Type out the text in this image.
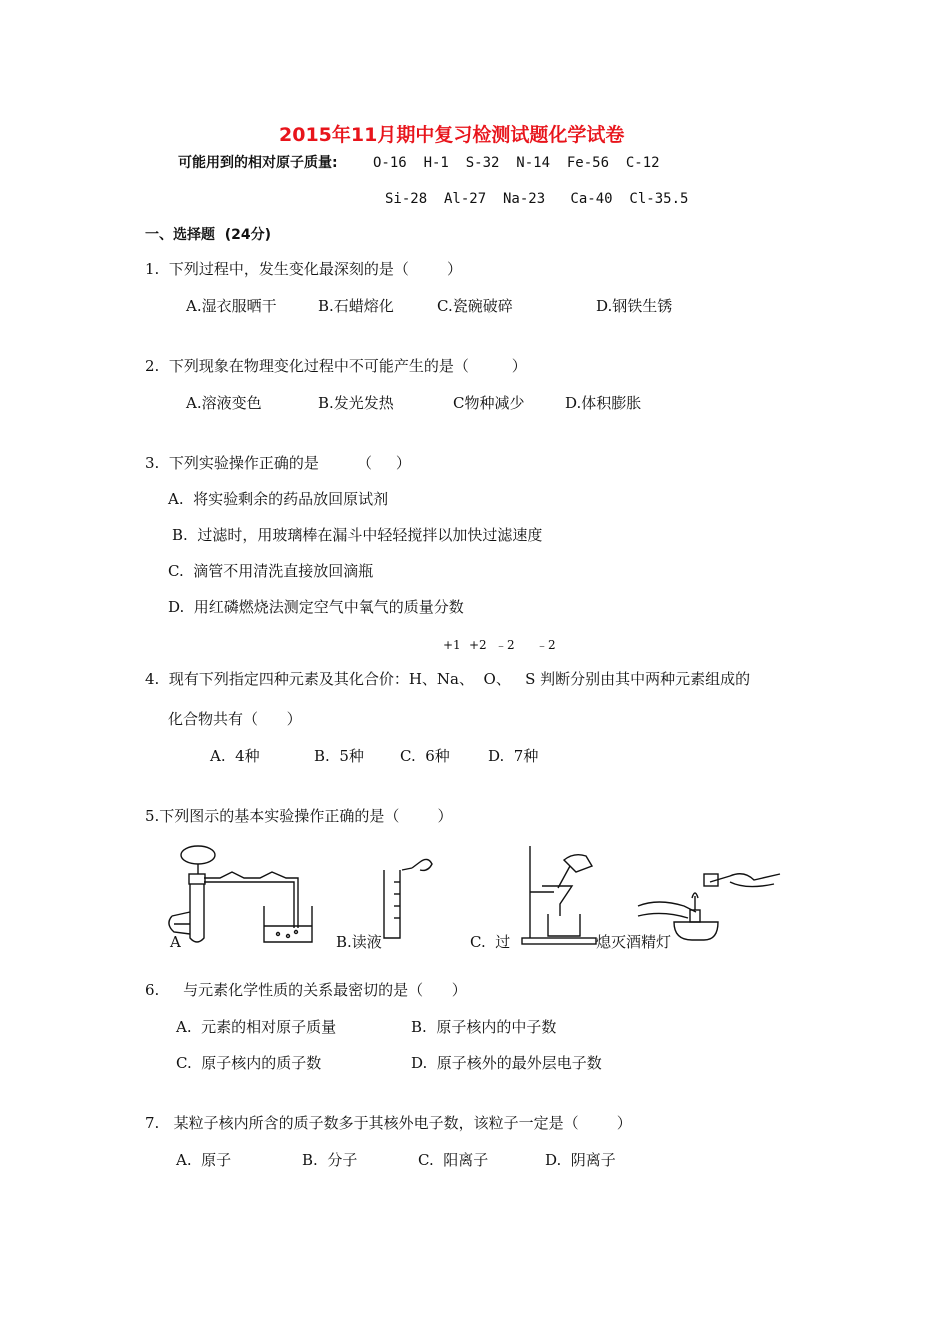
2015年11月期中复习检测试题化学试卷
可能用到的相对原子质量:	O-16  H-1  S-32  N-14  Fe-56  C-12
Si-28  Al-27  Na-23   Ca-40  Cl-35.5
一、选择题  (24分)
1.  下列过程中，发生变化最深刻的是（        ）
A.湿衣服晒干	B.石蜡熔化	C.瓷碗破碎	D.钢铁生锈
2.  下列现象在物理变化过程中不可能产生的是（         ）
A.溶液变色	B.发光发热	C物种减少	D.体积膨胀
3.  下列实验操作正确的是        （     ）
A.  将实验剩余的药品放回原试剂
B.  过滤时，用玻璃棒在漏斗中轻轻搅拌以加快过滤速度
C.  滴管不用清洗直接放回滴瓶
D.  用红磷燃烧法测定空气中氧气的质量分数
+1 +2 ﹣2 ﹣2
4.  现有下列指定四种元素及其化合价：H、Na、  O、   S 判断分别由其中两种元素组成的
化合物共有（      ）
A.  4种	B.  5种 C.  6种	D.  7种
5.下列图示的基本实验操作正确的是（        ）
A	B.读液	C.  过	熄灭酒精灯
6.     与元素化学性质的关系最密切的是（      ）
A.  元素的相对原子质量	B.  原子核内的中子数
C.  原子核内的质子数	D.  原子核外的最外层电子数
7.   某粒子核内所含的质子数多于其核外电子数，该粒子一定是（        ）
A.  原子	B.  分子	C.  阳离子	D.  阴离子
